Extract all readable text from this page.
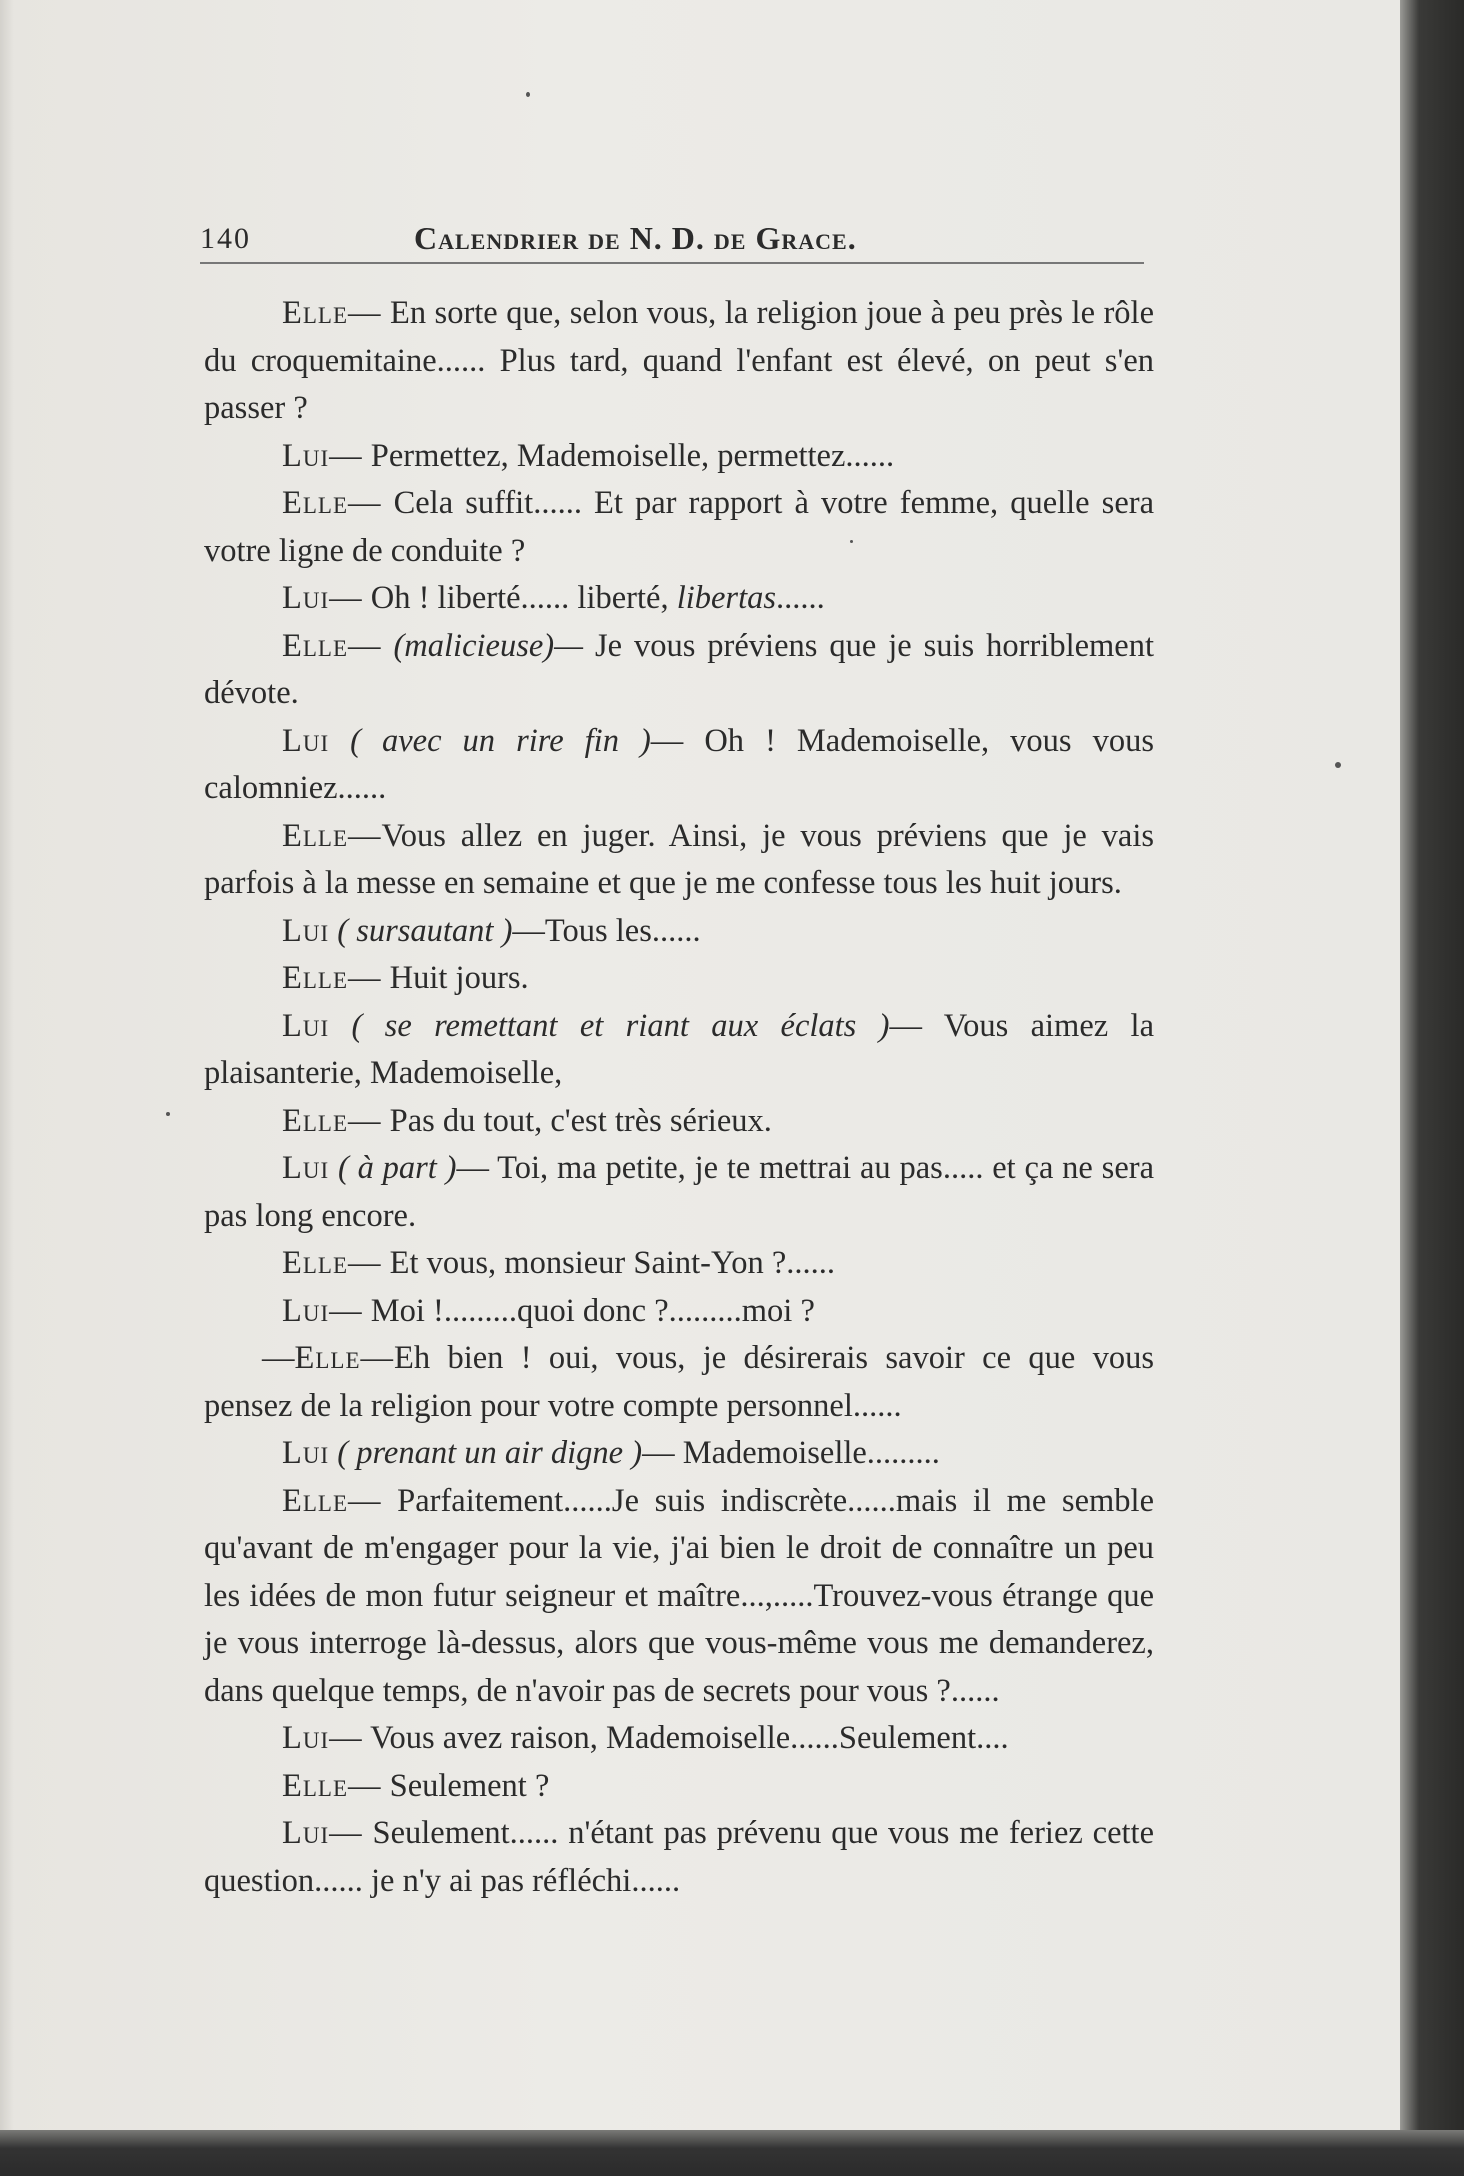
140	Calendrier de N. D. de Grace.

Elle— En sorte que, selon vous, la religion joue à peu près le rôle du croquemitaine...... Plus tard, quand l'enfant est élevé, on peut s'en passer ?

Lui— Permettez, Mademoiselle, permettez......

Elle— Cela suffit...... Et par rapport à votre femme, quelle sera votre ligne de conduite ?

Lui— Oh ! liberté...... liberté, libertas......

Elle— (malicieuse)— Je vous préviens que je suis horriblement dévote.

Lui ( avec un rire fin )— Oh ! Mademoiselle, vous vous calomniez......

Elle—Vous allez en juger. Ainsi, je vous préviens que je vais parfois à la messe en semaine et que je me confesse tous les huit jours.

Lui ( sursautant )—Tous les......

Elle— Huit jours.

Lui ( se remettant et riant aux éclats )— Vous aimez la plaisanterie, Mademoiselle,

Elle— Pas du tout, c'est très sérieux.

Lui ( à part )— Toi, ma petite, je te mettrai au pas..... et ça ne sera pas long encore.

Elle— Et vous, monsieur Saint-Yon ?......

Lui— Moi !.........quoi donc ?.........moi ?

—Elle—Eh bien ! oui, vous, je désirerais savoir ce que vous pensez de la religion pour votre compte personnel......

Lui ( prenant un air digne )— Mademoiselle.........

Elle— Parfaitement......Je suis indiscrète......mais il me semble qu'avant de m'engager pour la vie, j'ai bien le droit de connaître un peu les idées de mon futur seigneur et maître...,.....Trouvez-vous étrange que je vous interroge là-dessus, alors que vous-même vous me demanderez, dans quelque temps, de n'avoir pas de secrets pour vous ?......

Lui— Vous avez raison, Mademoiselle......Seulement....

Elle— Seulement ?

Lui— Seulement...... n'étant pas prévenu que vous me feriez cette question...... je n'y ai pas réfléchi......
